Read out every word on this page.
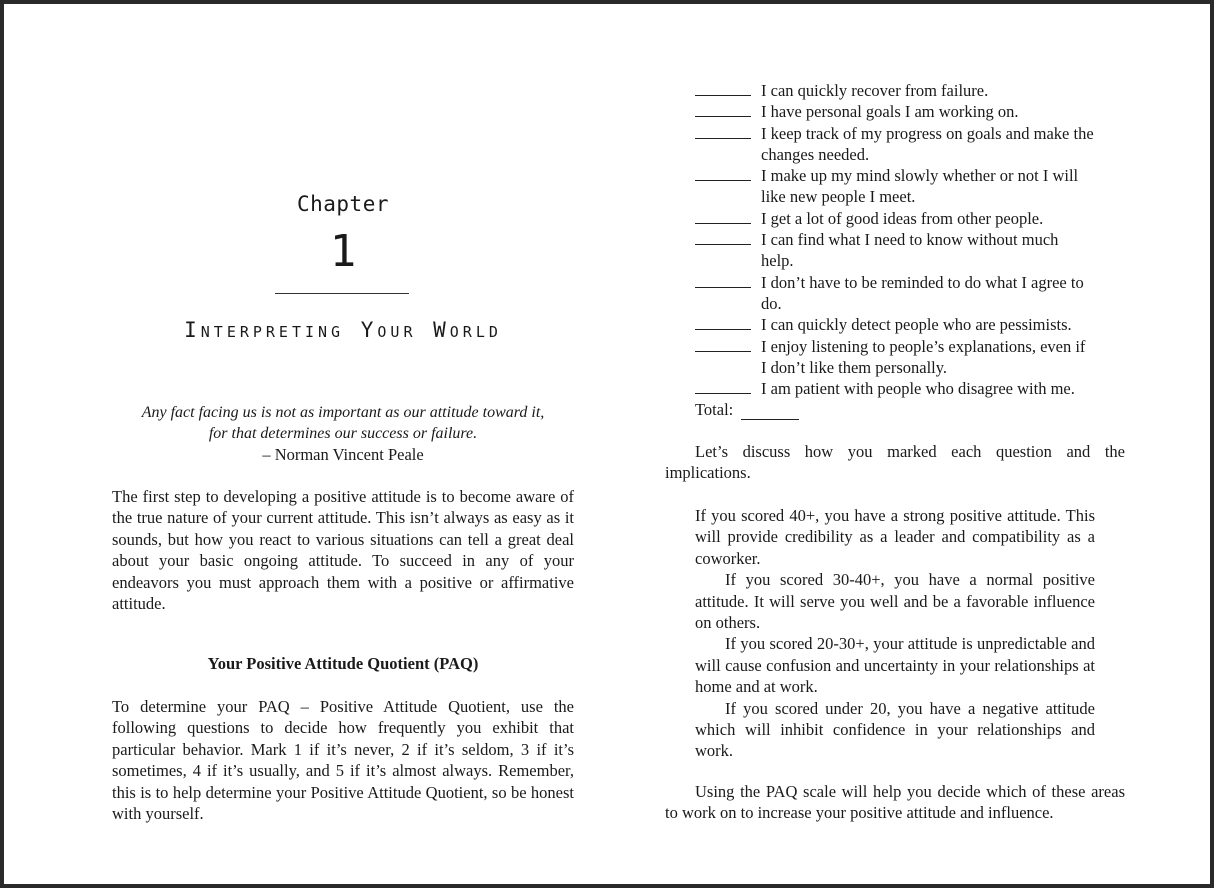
Chapter
1
Interpreting Your World
Any fact facing us is not as important as our attitude toward it,
for that determines our success or failure.
– Norman Vincent Peale

The first step to developing a positive attitude is to become aware of the true nature of your current attitude. This isn’t always as easy as it sounds, but how you react to various situations can tell a great deal about your basic ongoing attitude. To succeed in any of your endeavors you must approach them with a positive or affirmative attitude.

Your Positive Attitude Quotient (PAQ)

To determine your PAQ – Positive Attitude Quotient, use the following questions to decide how frequently you exhibit that particular behavior. Mark 1 if it’s never, 2 if it’s seldom, 3 if it’s sometimes, 4 if it’s usually, and 5 if it’s almost always. Remember, this is to help determine your Positive Attitude Quotient, so be honest with yourself.

I can quickly recover from failure.
I have personal goals I am working on.
I keep track of my progress on goals and make the changes needed.
I make up my mind slowly whether or not I will like new people I meet.
I get a lot of good ideas from other people.
I can find what I need to know without much help.
I don’t have to be reminded to do what I agree to do.
I can quickly detect people who are pessimists.
I enjoy listening to people’s explanations, even if I don’t like them personally.
I am patient with people who disagree with me.
Total:

Let’s discuss how you marked each question and the implications.

If you scored 40+, you have a strong positive attitude. This will provide credibility as a leader and compatibility as a coworker.

If you scored 30-40+, you have a normal positive attitude. It will serve you well and be a favorable influence on others.

If you scored 20-30+, your attitude is unpredictable and will cause confusion and uncertainty in your relationships at home and at work.

If you scored under 20, you have a negative attitude which will inhibit confidence in your relationships and work.

Using the PAQ scale will help you decide which of these areas to work on to increase your positive attitude and influence.
